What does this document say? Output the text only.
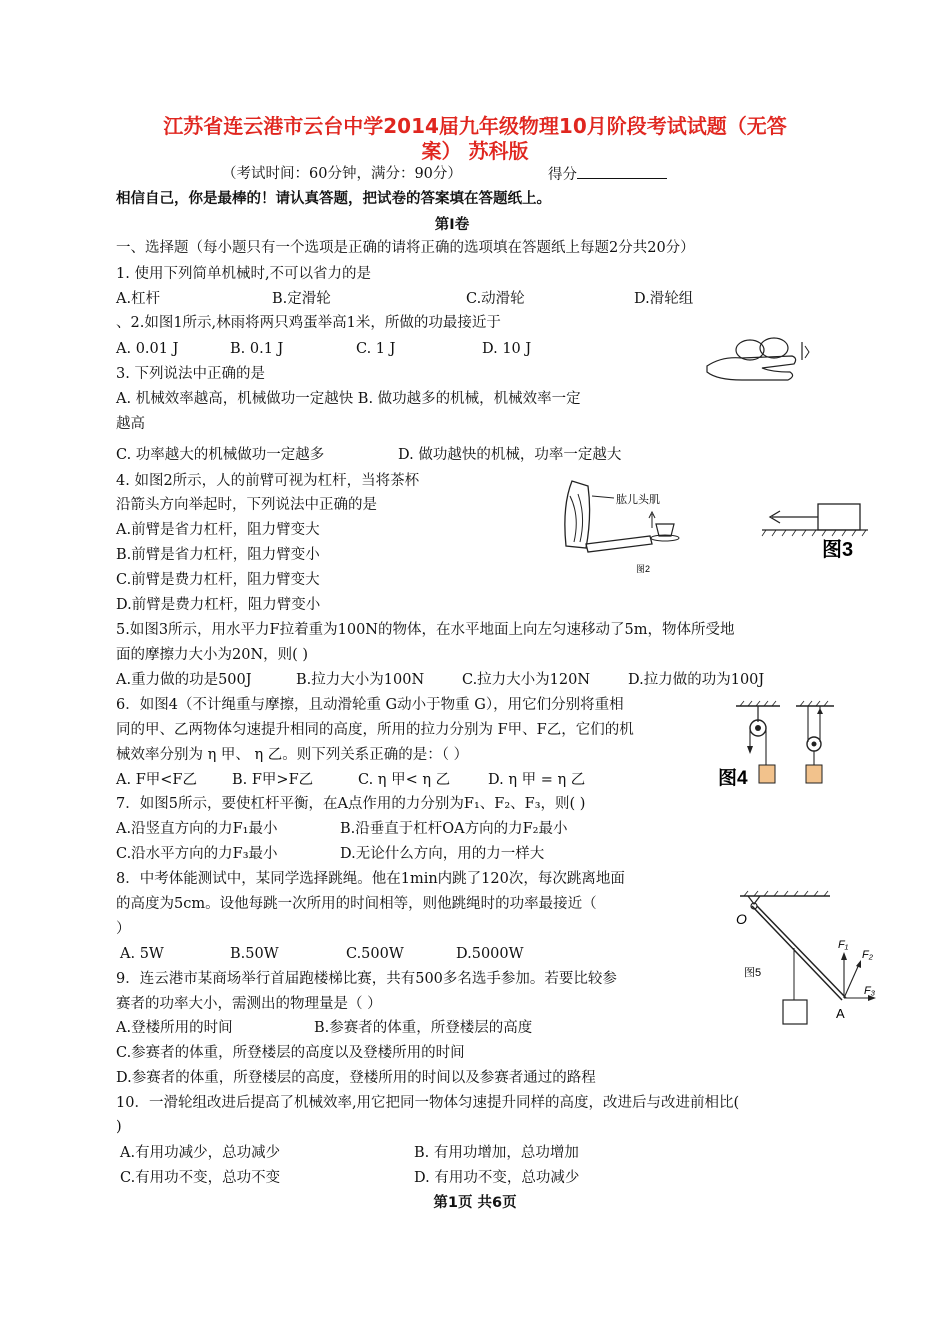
江苏省连云港市云台中学2014届九年级物理10月阶段考试试题（无答
案） 苏科版
（考试时间：60分钟，满分：90分）	得分
相信自己，你是最棒的！请认真答题，把试卷的答案填在答题纸上。
第Ⅰ卷
一、选择题（每小题只有一个选项是正确的请将正确的选项填在答题纸上每题2分共20分）
1. 使用下列简单机械时,不可以省力的是
A.杠杆	B.定滑轮	C.动滑轮	D.滑轮组
、2.如图1所示,林雨将两只鸡蛋举高1米，所做的功最接近于
A. 0.01 J	B. 0.1 J	C. 1 J	D. 10 J
3. 下列说法中正确的是
A. 机械效率越高，机械做功一定越快 B. 做功越多的机械，机械效率一定
越高
C. 功率越大的机械做功一定越多	D. 做功越快的机械，功率一定越大
4. 如图2所示，人的前臂可视为杠杆，当将茶杯
沿箭头方向举起时，下列说法中正确的是
A.前臂是省力杠杆，阻力臂变大
B.前臂是省力杠杆，阻力臂变小
C.前臂是费力杠杆，阻力臂变大
D.前臂是费力杠杆，阻力臂变小
肱儿头肌
图2
图3
5.如图3所示，用水平力F拉着重为100N的物体，在水平地面上向左匀速移动了5m，物体所受地
面的摩擦力大小为20N，则( )
A.重力做的功是500J	B.拉力大小为100N	C.拉力大小为120N	D.拉力做的功为100J
6．如图4（不计绳重与摩擦，且动滑轮重 G动小于物重 G），用它们分别将重相
同的甲、乙两物体匀速提升相同的高度，所用的拉力分别为 F甲、F乙，它们的机
械效率分别为 η 甲、 η 乙。则下列关系正确的是：（ ）
A. F甲<F乙 B. F甲>F乙	C. η 甲< η 乙	D. η 甲 = η 乙	图4
7．如图5所示，要使杠杆平衡，在A点作用的力分别为F₁、F₂、F₃，则( )
A.沿竖直方向的力F₁最小	B.沿垂直于杠杆OA方向的力F₂最小
C.沿水平方向的力F₃最小	D.无论什么方向，用的力一样大
8．中考体能测试中，某同学选择跳绳。他在1min内跳了120次，每次跳离地面
的高度为5cm。设他每跳一次所用的时间相等，则他跳绳时的功率最接近（
）
A. 5W	B.50W	C.500W	D.5000W
O
A
F₁
F₂
F₃
图5
9．连云港市某商场举行首届跑楼梯比赛，共有500多名选手参加。若要比较参
赛者的功率大小，需测出的物理量是（ ）
A.登楼所用的时间	B.参赛者的体重，所登楼层的高度
C.参赛者的体重，所登楼层的高度以及登楼所用的时间
D.参赛者的体重，所登楼层的高度，登楼所用的时间以及参赛者通过的路程
10．一滑轮组改进后提高了机械效率,用它把同一物体匀速提升同样的高度，改进后与改进前相比(
)
A.有用功减少，总功减少	B. 有用功增加，总功增加
C.有用功不变，总功不变	D. 有用功不变，总功减少
第1页 共6页
